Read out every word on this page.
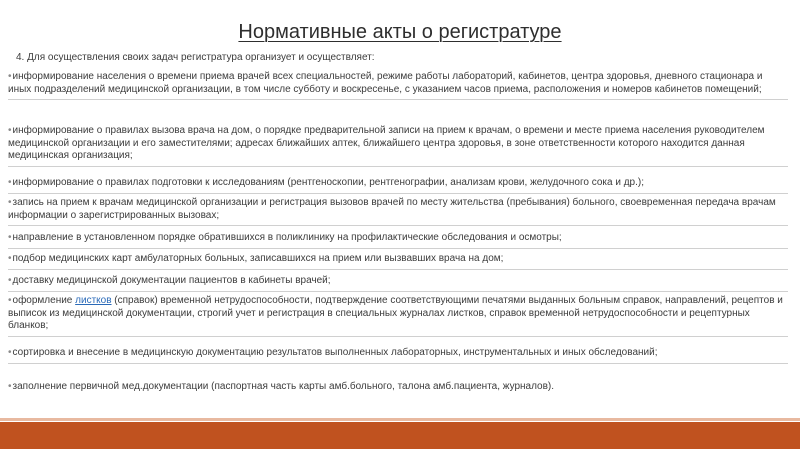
Нормативные акты о регистратуре
4. Для осуществления своих задач регистратура организует и осуществляет:
•информирование населения о времени приема врачей всех специальностей, режиме работы лабораторий, кабинетов, центра здоровья, дневного стационара и иных подразделений медицинской организации, в том числе субботу и воскресенье, с указанием часов приема, расположения и номеров кабинетов помещений;
•информирование о правилах вызова врача на дом, о порядке предварительной записи на прием к врачам, о времени и месте приема населения руководителем медицинской организации и его заместителями; адресах ближайших аптек, ближайшего центра здоровья, в зоне ответственности которого находится данная медицинская организация;
•информирование о правилах подготовки к исследованиям (рентгеноскопии, рентгенографии, анализам крови, желудочного сока и др.);
•запись на прием к врачам медицинской организации и регистрация вызовов врачей по месту жительства (пребывания) больного, своевременная передача врачам информации о зарегистрированных вызовах;
•направление в установленном порядке обратившихся в поликлинику на профилактические обследования и осмотры;
•подбор медицинских карт амбулаторных больных, записавшихся на прием или вызвавших врача на дом;
•доставку медицинской документации пациентов в кабинеты врачей;
•оформление листков (справок) временной нетрудоспособности, подтверждение соответствующими печатями выданных больным справок, направлений, рецептов и выписок из медицинской документации, строгий учет и регистрация в специальных журналах листков, справок временной нетрудоспособности и рецептурных бланков;
•сортировка и внесение в медицинскую документацию результатов выполненных лабораторных, инструментальных и иных обследований;
•заполнение первичной мед.документации (паспортная часть карты амб.больного, талона амб.пациента, журналов).
